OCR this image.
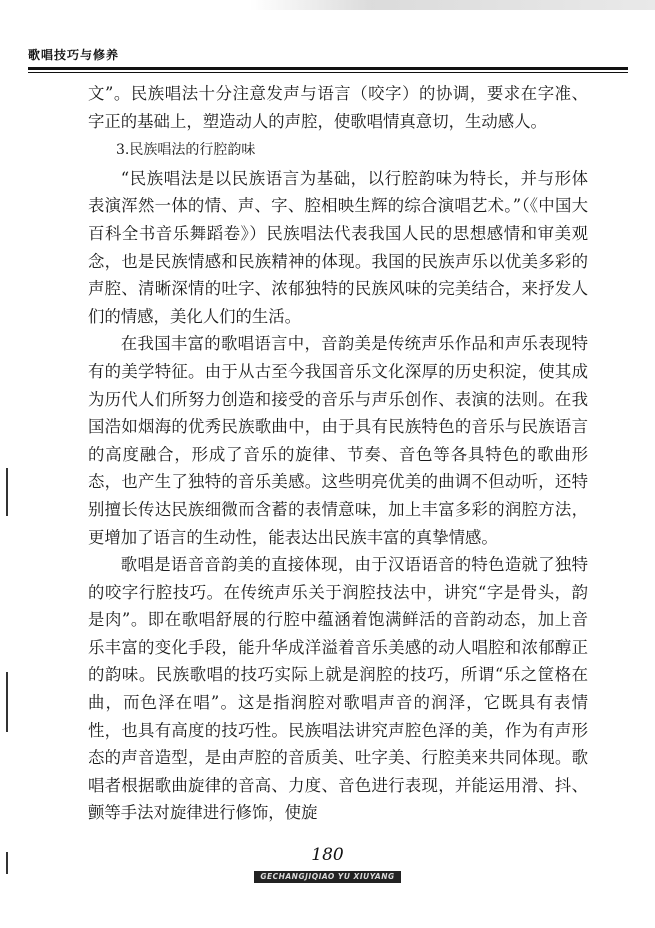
歌唱技巧与修养

文”。民族唱法十分注意发声与语言（咬字）的协调，要求在字准、字正的基础上，塑造动人的声腔，使歌唱情真意切，生动感人。

3.民族唱法的行腔韵味

“民族唱法是以民族语言为基础，以行腔韵味为特长，并与形体表演浑然一体的情、声、字、腔相映生辉的综合演唱艺术。”（《中国大百科全书音乐舞蹈卷》）民族唱法代表我国人民的思想感情和审美观念，也是民族情感和民族精神的体现。我国的民族声乐以优美多彩的声腔、清晰深情的吐字、浓郁独特的民族风味的完美结合，来抒发人们的情感，美化人们的生活。

在我国丰富的歌唱语言中，音韵美是传统声乐作品和声乐表现特有的美学特征。由于从古至今我国音乐文化深厚的历史积淀，使其成为历代人们所努力创造和接受的音乐与声乐创作、表演的法则。在我国浩如烟海的优秀民族歌曲中，由于具有民族特色的音乐与民族语言的高度融合，形成了音乐的旋律、节奏、音色等各具特色的歌曲形态，也产生了独特的音乐美感。这些明亮优美的曲调不但动听，还特别擅长传达民族细微而含蓄的表情意味，加上丰富多彩的润腔方法，更增加了语言的生动性，能表达出民族丰富的真挚情感。

歌唱是语音音韵美的直接体现，由于汉语语音的特色造就了独特的咬字行腔技巧。在传统声乐关于润腔技法中，讲究“字是骨头，韵是肉”。即在歌唱舒展的行腔中蕴涵着饱满鲜活的音韵动态，加上音乐丰富的变化手段，能升华成洋溢着音乐美感的动人唱腔和浓郁醇正的韵味。民族歌唱的技巧实际上就是润腔的技巧，所谓“乐之筐格在曲，而色泽在唱”。这是指润腔对歌唱声音的润泽，它既具有表情性，也具有高度的技巧性。民族唱法讲究声腔色泽的美，作为有声形态的声音造型，是由声腔的音质美、吐字美、行腔美来共同体现。歌唱者根据歌曲旋律的音高、力度、音色进行表现，并能运用滑、抖、颤等手法对旋律进行修饰，使旋

180
GECHANGJIQIAO YU XIUYANG
